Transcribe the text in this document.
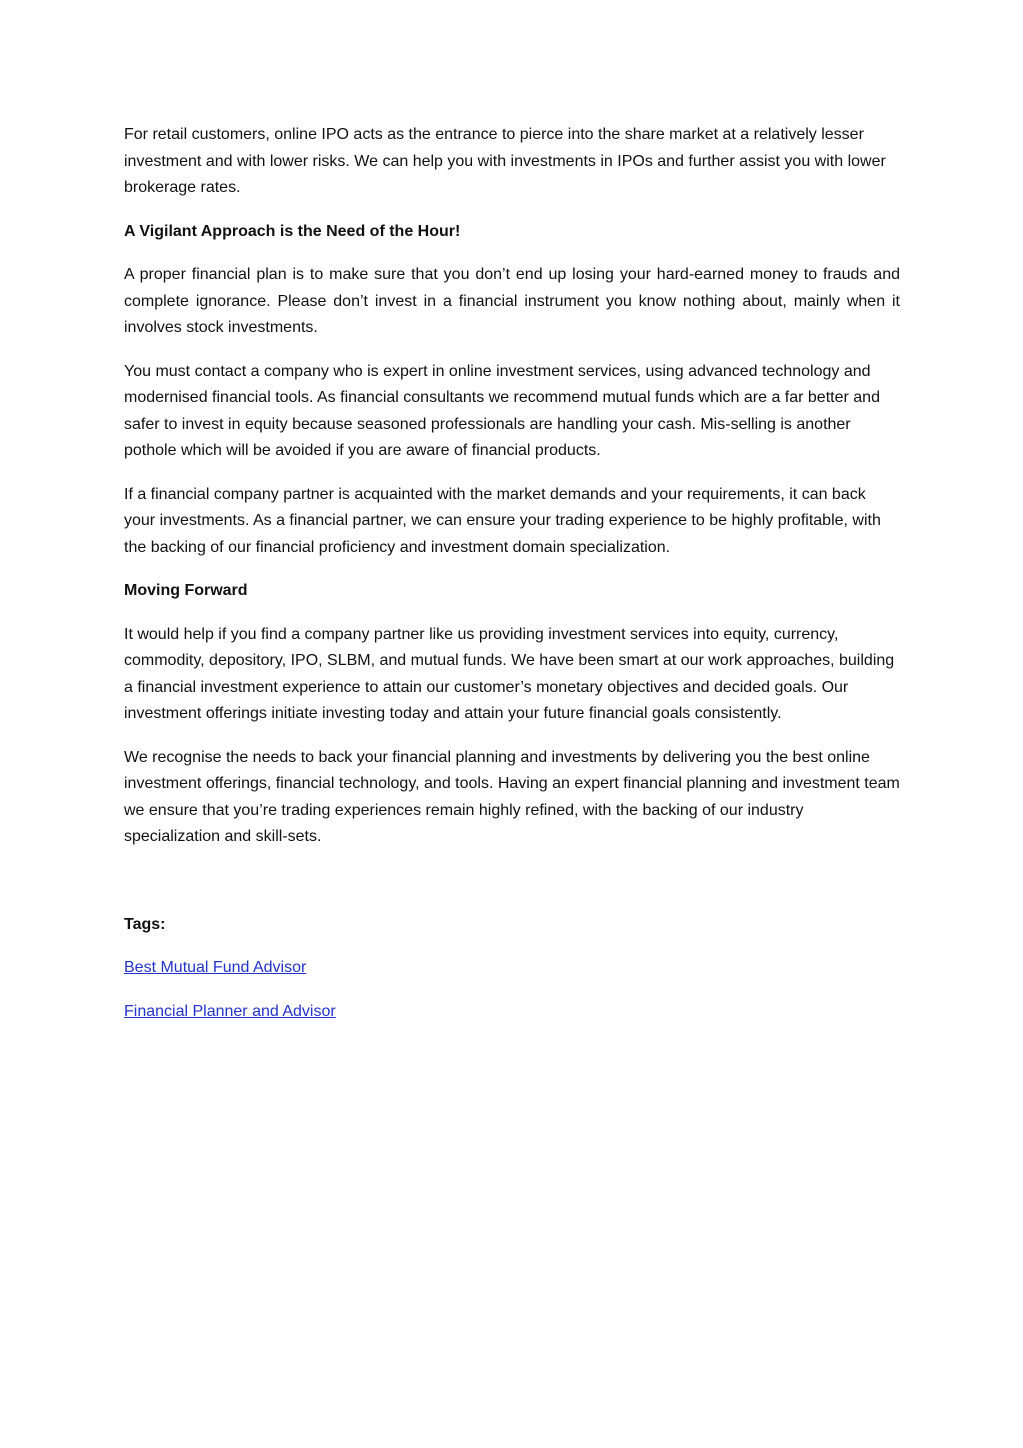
For retail customers, online IPO acts as the entrance to pierce into the share market at a relatively lesser investment and with lower risks. We can help you with investments in IPOs and further assist you with lower brokerage rates.

A Vigilant Approach is the Need of the Hour!

A proper financial plan is to make sure that you don’t end up losing your hard-earned money to frauds and complete ignorance. Please don’t invest in a financial instrument you know nothing about, mainly when it involves stock investments.

You must contact a company who is expert in online investment services, using advanced technology and modernised financial tools. As financial consultants we recommend mutual funds which are a far better and safer to invest in equity because seasoned professionals are handling your cash. Mis-selling is another pothole which will be avoided if you are aware of financial products.

If a financial company partner is acquainted with the market demands and your requirements, it can back your investments. As a financial partner, we can ensure your trading experience to be highly profitable, with the backing of our financial proficiency and investment domain specialization.

Moving Forward

It would help if you find a company partner like us providing investment services into equity, currency, commodity, depository, IPO, SLBM, and mutual funds. We have been smart at our work approaches, building a financial investment experience to attain our customer’s monetary objectives and decided goals. Our investment offerings initiate investing today and attain your future financial goals consistently.

We recognise the needs to back your financial planning and investments by delivering you the best online investment offerings, financial technology, and tools. Having an expert financial planning and investment team we ensure that you’re trading experiences remain highly refined, with the backing of our industry specialization and skill-sets.

Tags:

Best Mutual Fund Advisor

Financial Planner and Advisor
